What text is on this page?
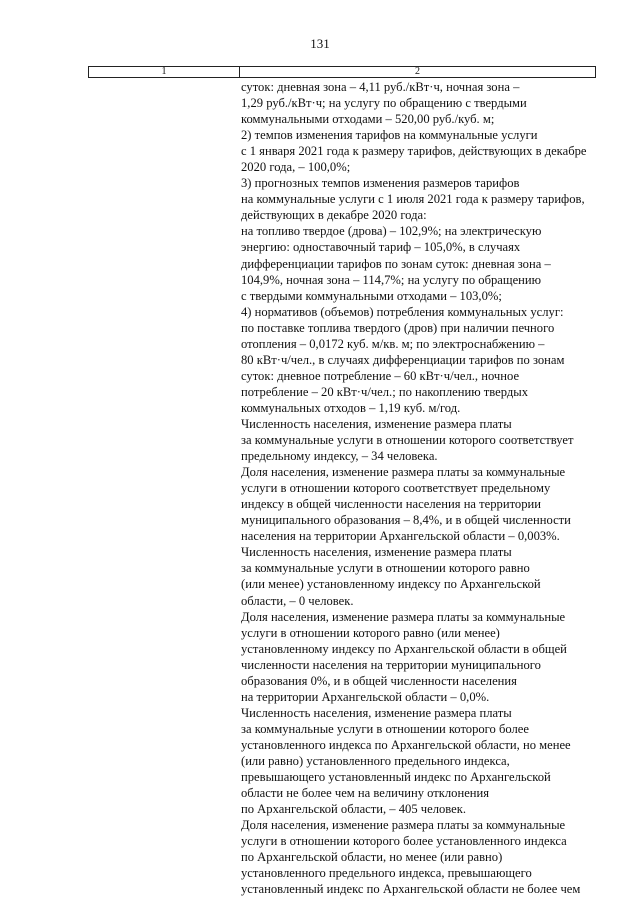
131
1	2
суток: дневная зона – 4,11 руб./кВт·ч, ночная зона –
1,29 руб./кВт·ч; на услугу по обращению с твердыми
коммунальными отходами – 520,00 руб./куб. м;
2) темпов изменения тарифов на коммунальные услуги
с 1 января 2021 года к размеру тарифов, действующих в декабре
2020 года, – 100,0%;
3) прогнозных темпов изменения размеров тарифов
на коммунальные услуги с 1 июля 2021 года к размеру тарифов,
действующих в декабре 2020 года:
на топливо твердое (дрова) – 102,9%; на электрическую
энергию: одноставочный тариф – 105,0%, в случаях
дифференциации тарифов по зонам суток: дневная зона –
104,9%, ночная зона – 114,7%; на услугу по обращению
с твердыми коммунальными отходами – 103,0%;
4) нормативов (объемов) потребления коммунальных услуг:
по поставке топлива твердого (дров) при наличии печного
отопления – 0,0172 куб. м/кв. м; по электроснабжению –
80 кВт·ч/чел., в случаях дифференциации тарифов по зонам
суток: дневное потребление – 60 кВт·ч/чел., ночное
потребление – 20 кВт·ч/чел.; по накоплению твердых
коммунальных отходов – 1,19 куб. м/год.
Численность населения, изменение размера платы
за коммунальные услуги в отношении которого соответствует
предельному индексу, – 34 человека.
Доля населения, изменение размера платы за коммунальные
услуги в отношении которого соответствует предельному
индексу в общей численности населения на территории
муниципального образования – 8,4%, и в общей численности
населения на территории Архангельской области – 0,003%.
Численность населения, изменение размера платы
за коммунальные услуги в отношении которого равно
(или менее) установленному индексу по Архангельской
области, – 0 человек.
Доля населения, изменение размера платы за коммунальные
услуги в отношении которого равно (или менее)
установленному индексу по Архангельской области в общей
численности населения на территории муниципального
образования 0%, и в общей численности населения
на территории Архангельской области – 0,0%.
Численность населения, изменение размера платы
за коммунальные услуги в отношении которого более
установленного индекса по Архангельской области, но менее
(или равно) установленного предельного индекса,
превышающего установленный индекс по Архангельской
области не более чем на величину отклонения
по Архангельской области, – 405 человек.
Доля населения, изменение размера платы за коммунальные
услуги в отношении которого более установленного индекса
по Архангельской области, но менее (или равно)
установленного предельного индекса, превышающего
установленный индекс по Архангельской области не более чем
